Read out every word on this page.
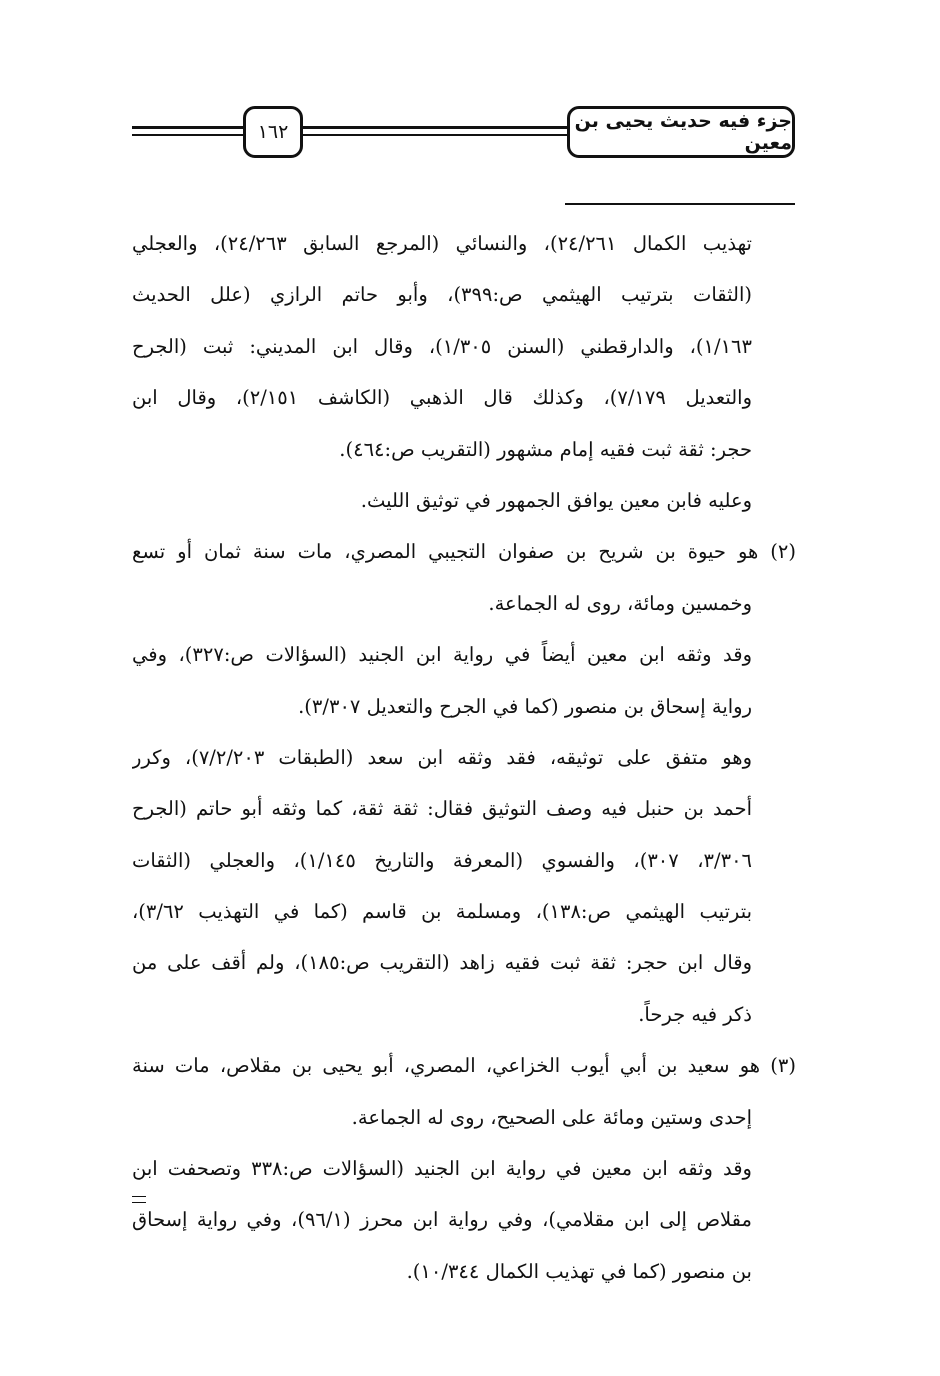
١٦٢	جزء فيه حديث يحيى بن معين
تهذيب الكمال ٢٤/٢٦١)، والنسائي (المرجع السابق ٢٤/٢٦٣)، والعجلي
(الثقات بترتيب الهيثمي ص:٣٩٩)، وأبو حاتم الرازي (علل الحديث
١/١٦٣)، والدارقطني (السنن ١/٣٠٥)، وقال ابن المديني: ثبت (الجرح
والتعديل ٧/١٧٩)، وكذلك قال الذهبي (الكاشف ٢/١٥١)، وقال ابن
حجر: ثقة ثبت فقيه إمام مشهور (التقريب ص:٤٦٤).
وعليه فابن معين يوافق الجمهور في توثيق الليث.
(٢) هو حيوة بن شريح بن صفوان التجيبي المصري، مات سنة ثمان أو تسع
وخمسين ومائة، روى له الجماعة.
وقد وثقه ابن معين أيضاً في رواية ابن الجنيد (السؤالات ص:٣٢٧)، وفي
رواية إسحاق بن منصور (كما في الجرح والتعديل ٣/٣٠٧).
وهو متفق على توثيقه، فقد وثقه ابن سعد (الطبقات ٧/٢/٢٠٣)، وكرر
أحمد بن حنبل فيه وصف التوثيق فقال: ثقة ثقة، كما وثقه أبو حاتم (الجرح
٣/٣٠٦، ٣٠٧)، والفسوي (المعرفة والتاريخ ١/١٤٥)، والعجلي (الثقات
بترتيب الهيثمي ص:١٣٨)، ومسلمة بن قاسم (كما في التهذيب ٣/٦٢)،
وقال ابن حجر: ثقة ثبت فقيه زاهد (التقريب ص:١٨٥)، ولم أقف على من
ذكر فيه جرحاً.
(٣) هو سعيد بن أبي أيوب الخزاعي، المصري، أبو يحيى بن مقلاص، مات سنة
إحدى وستين ومائة على الصحيح، روى له الجماعة.
وقد وثقه ابن معين في رواية ابن الجنيد (السؤالات ص:٣٣٨ وتصحفت ابن
مقلاص إلى ابن مقلامي)، وفي رواية ابن محرز (٩٦/١)، وفي رواية إسحاق
بن منصور (كما في تهذيب الكمال ١٠/٣٤٤).
